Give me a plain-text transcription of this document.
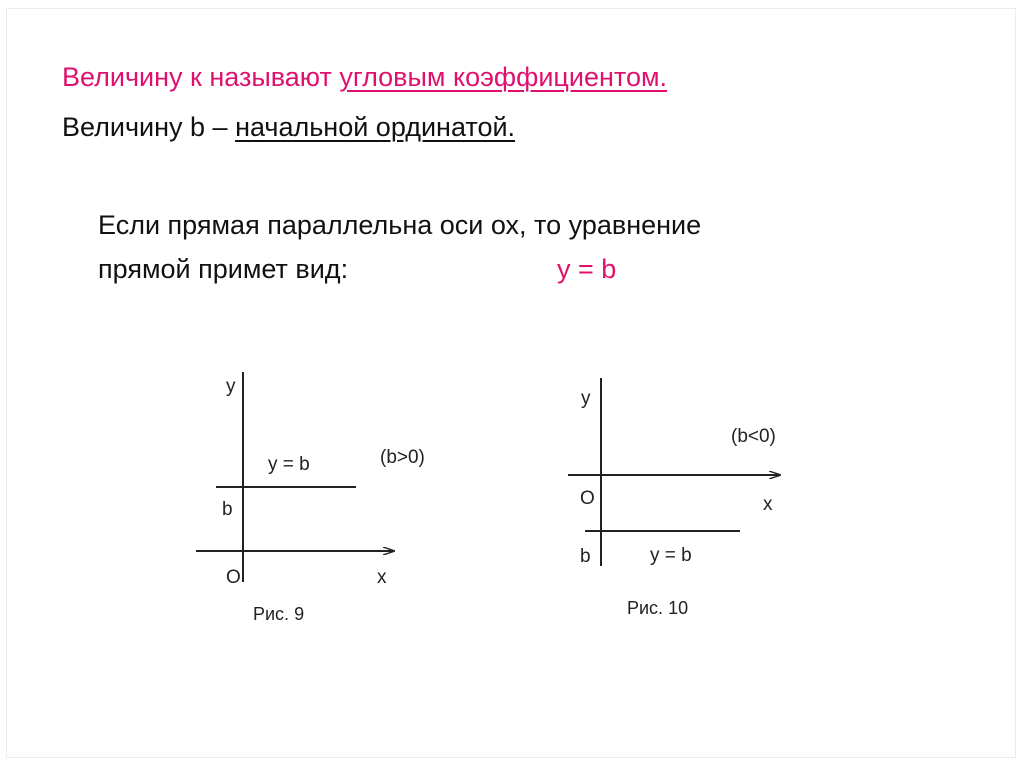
Величину к называют угловым коэффициентом.
Величину b – начальной ординатой.
Если прямая параллельна оси ох, то уравнение
прямой примет вид:	y = b
y
x
O
b
y = b	(b>0)
Рис. 9
y
x
O
b	y = b
(b<0)
Рис. 10
